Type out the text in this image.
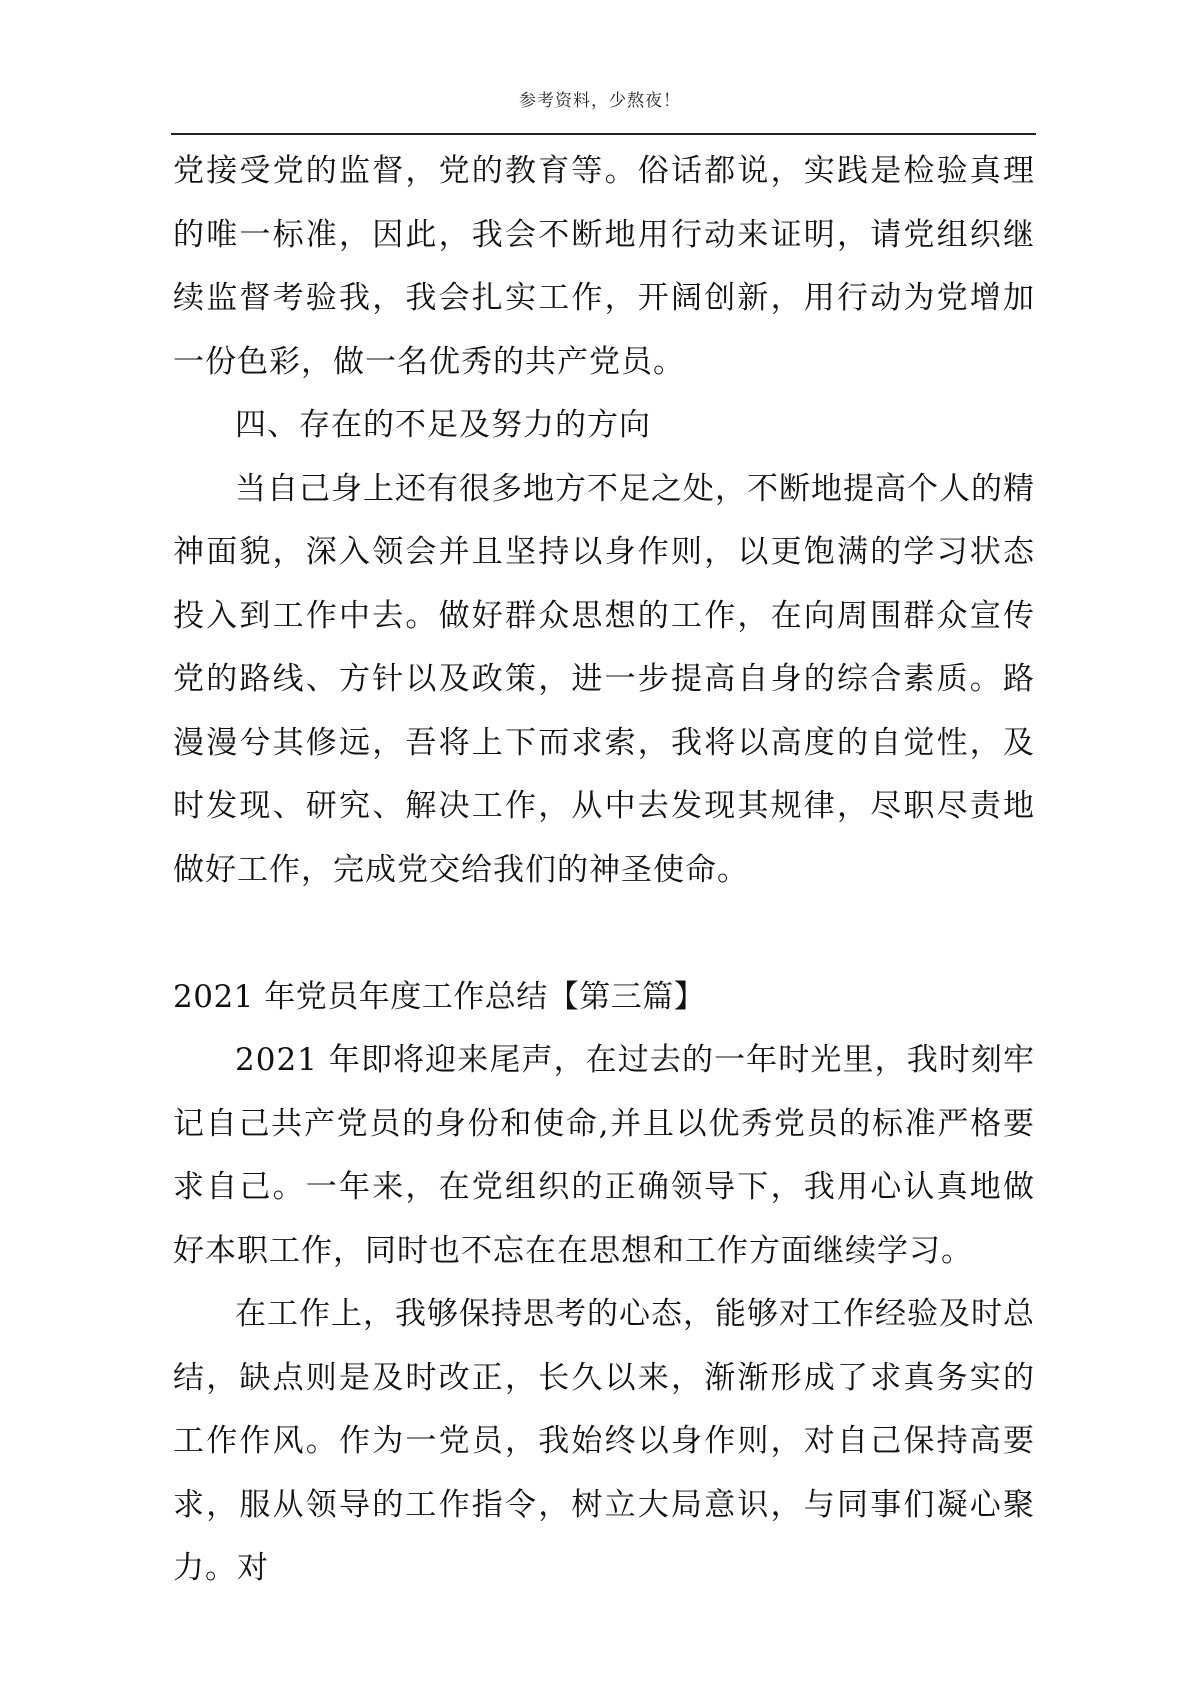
参考资料，少熬夜！

党接受党的监督，党的教育等。俗话都说，实践是检验真理的唯一标准，因此，我会不断地用行动来证明，请党组织继续监督考验我，我会扎实工作，开阔创新，用行动为党增加一份色彩，做一名优秀的共产党员。

四、存在的不足及努力的方向

当自己身上还有很多地方不足之处，不断地提高个人的精神面貌，深入领会并且坚持以身作则，以更饱满的学习状态投入到工作中去。做好群众思想的工作，在向周围群众宣传党的路线、方针以及政策，进一步提高自身的综合素质。路漫漫兮其修远，吾将上下而求索，我将以高度的自觉性，及时发现、研究、解决工作，从中去发现其规律，尽职尽责地做好工作，完成党交给我们的神圣使命。

2021 年党员年度工作总结【第三篇】

2021 年即将迎来尾声，在过去的一年时光里，我时刻牢记自己共产党员的身份和使命,并且以优秀党员的标准严格要求自己。一年来，在党组织的正确领导下，我用心认真地做好本职工作，同时也不忘在在思想和工作方面继续学习。

在工作上，我够保持思考的心态，能够对工作经验及时总结，缺点则是及时改正，长久以来，渐渐形成了求真务实的工作作风。作为一党员，我始终以身作则，对自己保持高要求，服从领导的工作指令，树立大局意识，与同事们凝心聚力。对
